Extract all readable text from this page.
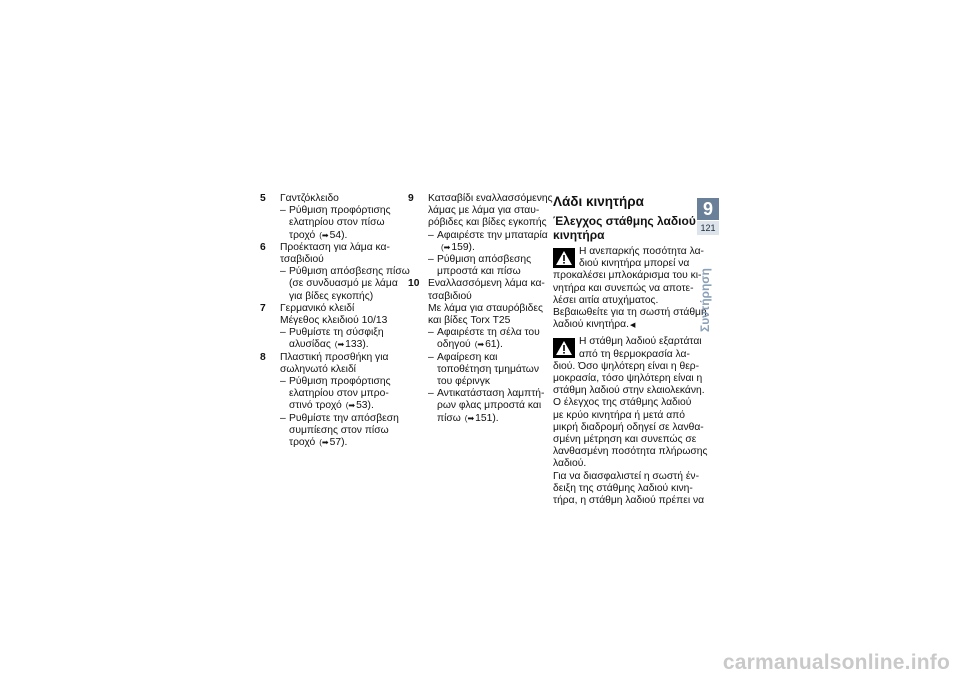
5	Γαντζόκλειδο
– Ρύθμιση προφόρτισης
ελατηρίου στον πίσω
τροχό (➡54).
6	Προέκταση για λάμα κα-
τσαβιδιού
– Ρύθμιση απόσβεσης πίσω
(σε συνδυασμό με λάμα
για βίδες εγκοπής)
7	Γερμανικό κλειδί
Μέγεθος κλειδιού 10/13
– Ρυθμίστε τη σύσφιξη
αλυσίδας (➡133).
8	Πλαστική προσθήκη για
σωληνωτό κλειδί
– Ρύθμιση προφόρτισης
ελατηρίου στον μπρο-
στινό τροχό (➡53).
– Ρυθμίστε την απόσβεση
συμπίεσης στον πίσω
τροχό (➡57).
9	Κατσαβίδι εναλλασσόμενης
λάμας με λάμα για σταυ-
ρόβιδες και βίδες εγκοπής
– Αφαιρέστε την μπαταρία
(➡159).
– Ρύθμιση απόσβεσης
μπροστά και πίσω
10 Εναλλασσόμενη λάμα κα-
τσαβιδιού
Με λάμα για σταυρόβιδες
και βίδες Torx T25
– Αφαιρέστε τη σέλα του
οδηγού (➡61).
– Αφαίρεση και
τοποθέτηση τμημάτων
του φέρινγκ
– Αντικατάσταση λαμπτή-
ρων φλας μπροστά και
πίσω (➡151).
Λάδι κινητήρα
Έλεγχος στάθμης λαδιού
κινητήρα
Η ανεπαρκής ποσότητα λα-
διού κινητήρα μπορεί να
προκαλέσει μπλοκάρισμα του κι-
νητήρα και συνεπώς να αποτε-
λέσει αιτία ατυχήματος.
Βεβαιωθείτε για τη σωστή στάθμη
λαδιού κινητήρα.◀
Η στάθμη λαδιού εξαρτάται
από τη θερμοκρασία λα-
διού. Όσο ψηλότερη είναι η θερ-
μοκρασία, τόσο ψηλότερη είναι η
στάθμη λαδιού στην ελαιολεκάνη.
Ο έλεγχος της στάθμης λαδιού
με κρύο κινητήρα ή μετά από
μικρή διαδρομή οδηγεί σε λανθα-
σμένη μέτρηση και συνεπώς σε
λανθασμένη ποσότητα πλήρωσης
λαδιού.
Για να διασφαλιστεί η σωστή έν-
δειξη της στάθμης λαδιού κινη-
τήρα, η στάθμη λαδιού πρέπει να
9
121
Συντήρηση
carmanualsonline.info
